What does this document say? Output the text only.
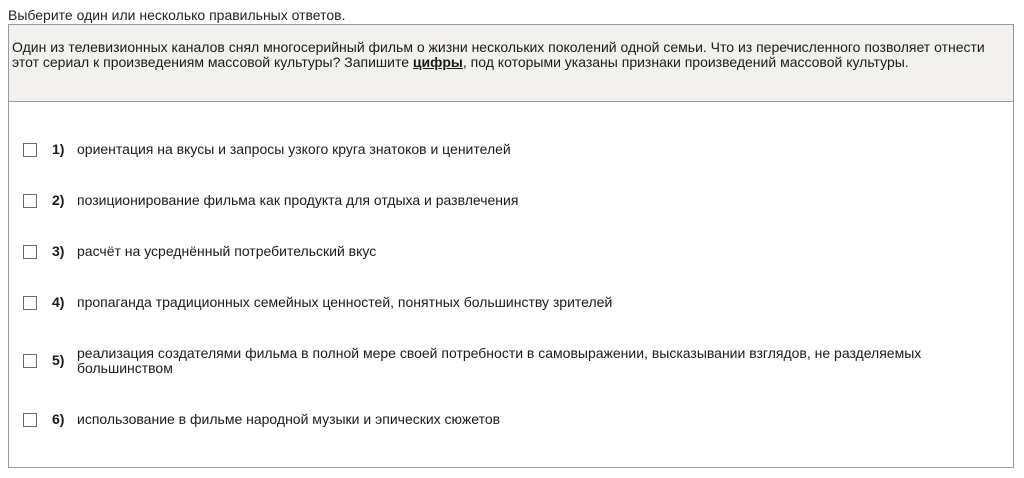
Выберите один или несколько правильных ответов.
Один из телевизионных каналов снял многосерийный фильм о жизни нескольких поколений одной семьи. Что из перечисленного позволяет отнести этот сериал к произведениям массовой культуры? Запишите цифры, под которыми указаны признаки произведений массовой культуры.
1) ориентация на вкусы и запросы узкого круга знатоков и ценителей
2) позиционирование фильма как продукта для отдыха и развлечения
3) расчёт на усреднённый потребительский вкус
4) пропаганда традиционных семейных ценностей, понятных большинству зрителей
5) реализация создателями фильма в полной мере своей потребности в самовыражении, высказывании взглядов, не разделяемых большинством
6) использование в фильме народной музыки и эпических сюжетов
